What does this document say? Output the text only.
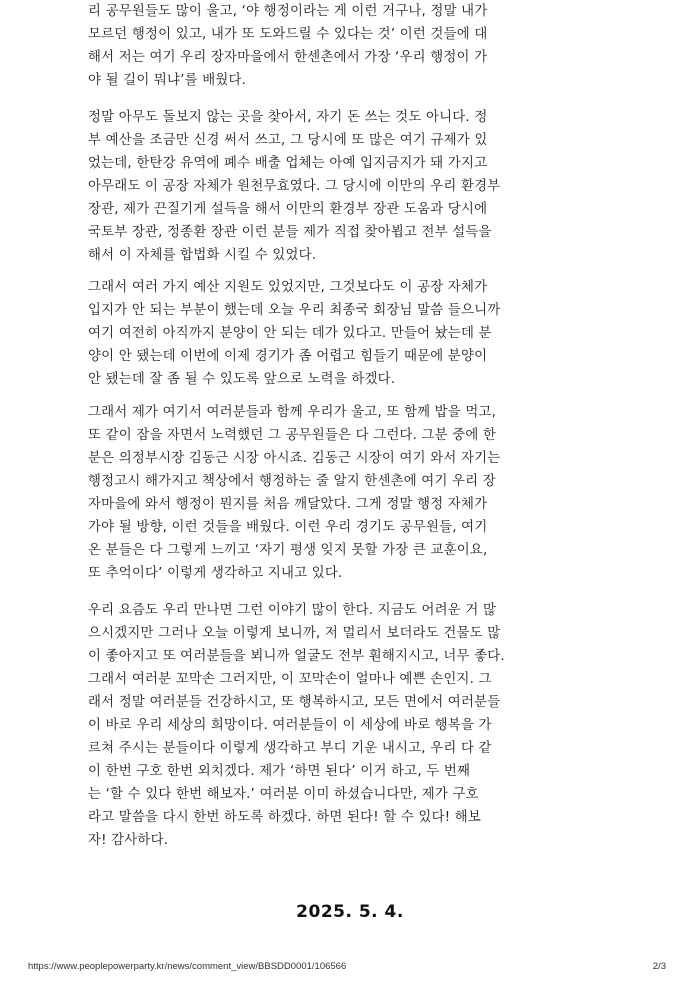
리 공무원들도 많이 울고, ‘야 행정이라는 게 이런 거구나, 정말 내가
모르던 행정이 있고, 내가 또 도와드릴 수 있다는 것’ 이런 것들에 대
해서 저는 여기 우리 장자마을에서 한센촌에서 가장 ‘우리 행정이 가
야 될 길이 뭐냐’를 배웠다.
정말 아무도 돌보지 않는 곳을 찾아서, 자기 돈 쓰는 것도 아니다. 정
부 예산을 조금만 신경 써서 쓰고, 그 당시에 또 많은 여기 규제가 있
었는데, 한탄강 유역에 폐수 배출 업체는 아예 입지금지가 돼 가지고
아무래도 이 공장 자체가 원천무효였다. 그 당시에 이만의 우리 환경부
장관, 제가 끈질기게 설득을 해서 이만의 환경부 장관 도움과 당시에
국토부 장관, 정종환 장관 이런 분들 제가 직접 찾아뵙고 전부 설득을
해서 이 자체를 합법화 시킬 수 있었다.
그래서 여러 가지 예산 지원도 있었지만, 그것보다도 이 공장 자체가
입지가 안 되는 부분이 했는데 오늘 우리 최종국 회장님 말씀 들으니까
여기 여전히 아직까지 분양이 안 되는 데가 있다고. 만들어 놨는데 분
양이 안 됐는데 이번에 이제 경기가 좀 어렵고 힘들기 때문에 분양이
안 됐는데 잘 좀 될 수 있도록 앞으로 노력을 하겠다.
그래서 제가 여기서 여러분들과 함께 우리가 울고, 또 함께 밥을 먹고,
또 같이 잠을 자면서 노력했던 그 공무원들은 다 그런다. 그분 중에 한
분은 의정부시장 김동근 시장 아시죠. 김동근 시장이 여기 와서 자기는
행정고시 해가지고 책상에서 행정하는 줄 알지 한센촌에 여기 우리 장
자마을에 와서 행정이 뭔지를 처음 깨달았다. 그게 정말 행정 자체가
가야 될 방향, 이런 것들을 배웠다. 이런 우리 경기도 공무원들, 여기
온 분들은 다 그렇게 느끼고 ‘자기 평생 잊지 못할 가장 큰 교훈이요,
또 추억이다’ 이렇게 생각하고 지내고 있다.
우리 요즘도 우리 만나면 그런 이야기 많이 한다. 지금도 어려운 거 많
으시겠지만 그러나 오늘 이렇게 보니까, 저 멀리서 보더라도 건물도 많
이 좋아지고 또 여러분들을 뵈니까 얼굴도 전부 훤해지시고, 너무 좋다.
그래서 여러분 꼬막손 그러지만, 이 꼬막손이 얼마나 예쁜 손인지. 그
래서 정말 여러분들 건강하시고, 또 행복하시고, 모든 면에서 여러분들
이 바로 우리 세상의 희망이다. 여러분들이 이 세상에 바로 행복을 가
르쳐 주시는 분들이다 이렇게 생각하고 부디 기운 내시고, 우리 다 같
이 한번 구호 한번 외치겠다. 제가 ‘하면 된다’ 이거 하고, 두 번째
는 ‘할 수 있다 한번 해보자.’ 여러분 이미 하셨습니다만, 제가 구호
라고 말씀을 다시 한번 하도록 하겠다. 하면 된다! 할 수 있다! 해보
자! 감사하다.
2025. 5. 4.
https://www.peoplepowerparty.kr/news/comment_view/BBSDD0001/106566	2/3
